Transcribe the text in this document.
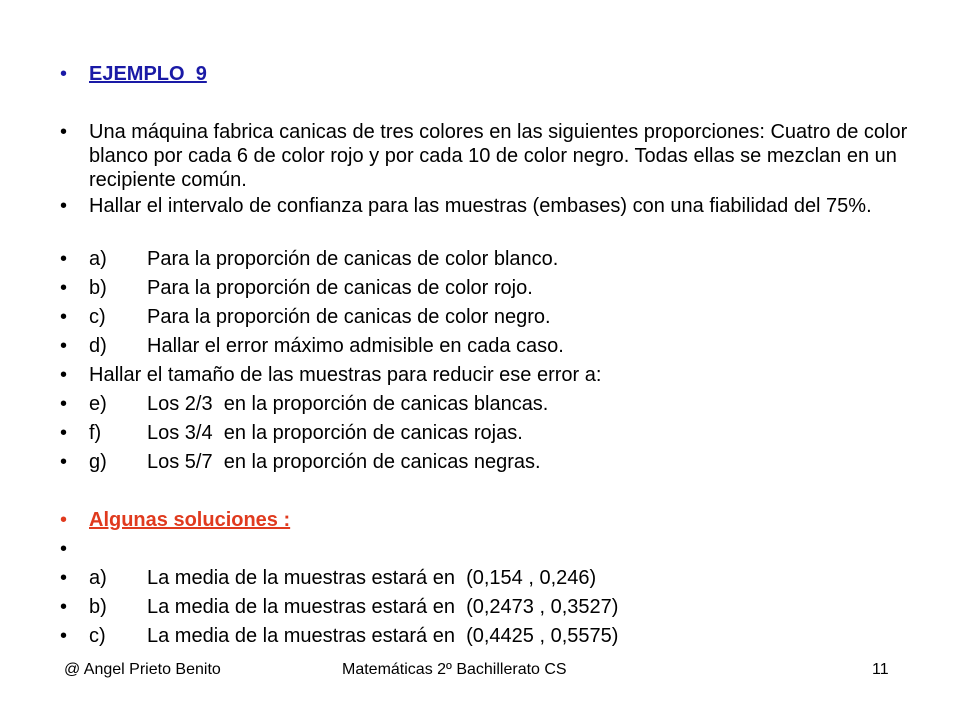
•	EJEMPLO  9
•	Una máquina fabrica canicas de tres colores en las siguientes proporciones: Cuatro de color blanco por cada 6 de color rojo y por cada 10 de color negro. Todas ellas se mezclan en un recipiente común.
•	Hallar el intervalo de confianza para las muestras (embases) con una fiabilidad del 75%.
•	a) Para la proporción de canicas de color blanco.
•	b) Para la proporción de canicas de color rojo.
•	c) Para la proporción de canicas de color negro.
•	d) Hallar el error máximo admisible en cada caso.
•	Hallar el tamaño de las muestras para reducir ese error a:
•	e) Los 2/3  en la proporción de canicas blancas.
•	f) Los 3/4  en la proporción de canicas rojas.
•	g) Los 5/7  en la proporción de canicas negras.
•	Algunas soluciones :
•
•	a) La media de la muestras estará en  (0,154 , 0,246)
•	b) La media de la muestras estará en  (0,2473 , 0,3527)
•	c) La media de la muestras estará en  (0,4425 , 0,5575)
@ Angel Prieto Benito	Matemáticas 2º Bachillerato CS	11
